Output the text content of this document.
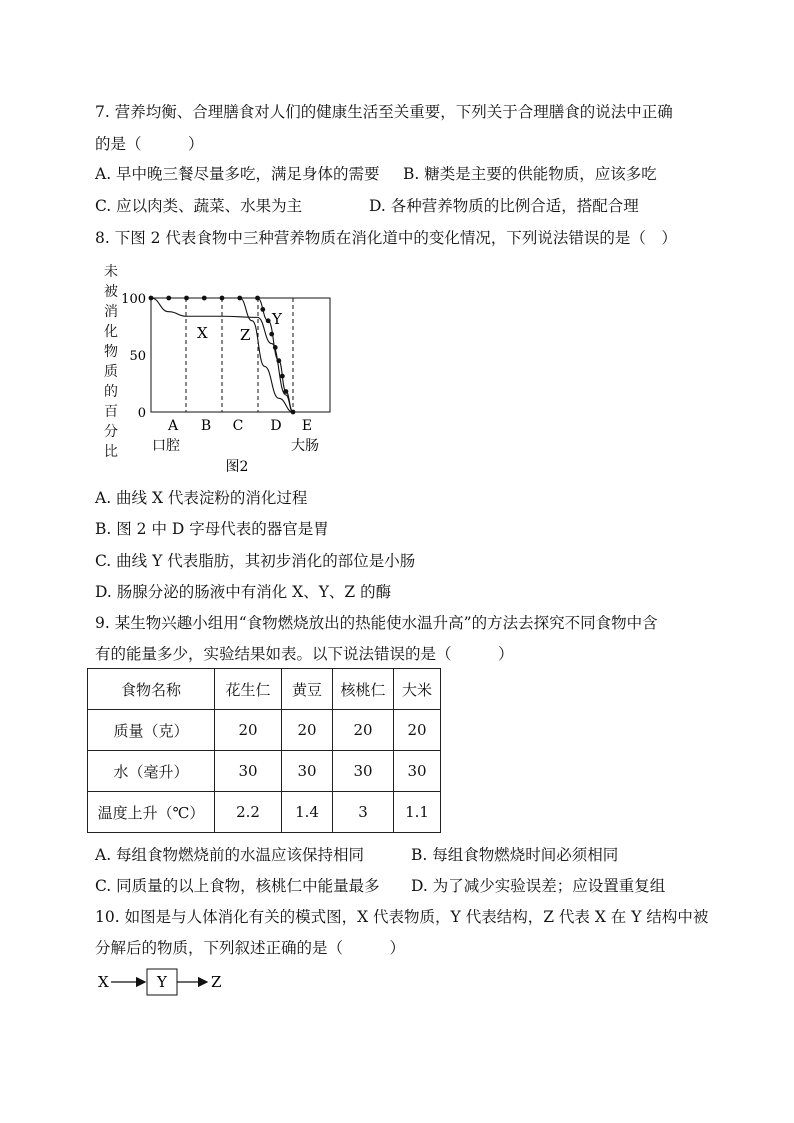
7. 营养均衡、合理膳食对人们的健康生活至关重要，下列关于合理膳食的说法中正确
的是（　　　）
A. 早中晚三餐尽量多吃，满足身体的需要 B. 糖类是主要的供能物质，应该多吃
C. 应以肉类、蔬菜、水果为主	D. 各种营养物质的比例合适，搭配合理
8. 下图 2 代表食物中三种营养物质在消化道中的变化情况，下列说法错误的是（　）
未
被
消
化
物
质
的
百
分
比
100
50
0
X
Y
Z
A B C D E
口腔	大肠
图2
A. 曲线 X 代表淀粉的消化过程
B. 图 2 中 D 字母代表的器官是胃
C. 曲线 Y 代表脂肪，其初步消化的部位是小肠
D. 肠腺分泌的肠液中有消化 X、Y、Z 的酶
9. 某生物兴趣小组用“食物燃烧放出的热能使水温升高”的方法去探究不同食物中含
有的能量多少，实验结果如表。以下说法错误的是（　　　）
食物名称	花生仁	黄豆	核桃仁	大米
质量（克）	20	20	20	20
水（毫升）	30	30	30	30
温度上升（℃）	2.2	1.4	3	1.1
A. 每组食物燃烧前的水温应该保持相同	B. 每组食物燃烧时间必须相同
C. 同质量的以上食物，核桃仁中能量最多 D. 为了减少实验误差；应设置重复组
10. 如图是与人体消化有关的模式图，X 代表物质，Y 代表结构，Z 代表 X 在 Y 结构中被
分解后的物质，下列叙述正确的是（　　　）
X	Y	Z
